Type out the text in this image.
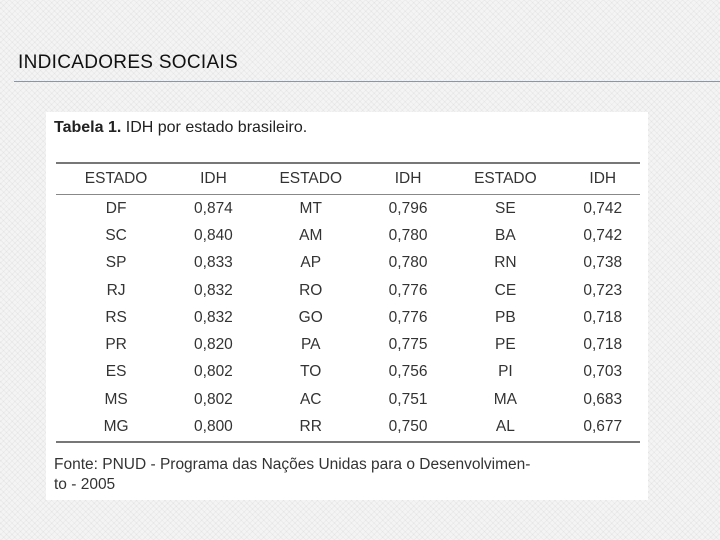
INDICADORES SOCIAIS
Tabela 1. IDH por estado brasileiro.
ESTADO	IDH	ESTADO	IDH	ESTADO	IDH
DF	0,874	MT	0,796	SE	0,742
SC	0,840	AM	0,780	BA	0,742
SP	0,833	AP	0,780	RN	0,738
RJ	0,832	RO	0,776	CE	0,723
RS	0,832	GO	0,776	PB	0,718
PR	0,820	PA	0,775	PE	0,718
ES	0,802	TO	0,756	PI	0,703
MS	0,802	AC	0,751	MA	0,683
MG	0,800	RR	0,750	AL	0,677
Fonte: PNUD - Programa das Nações Unidas para o Desenvolvimen-
to - 2005
